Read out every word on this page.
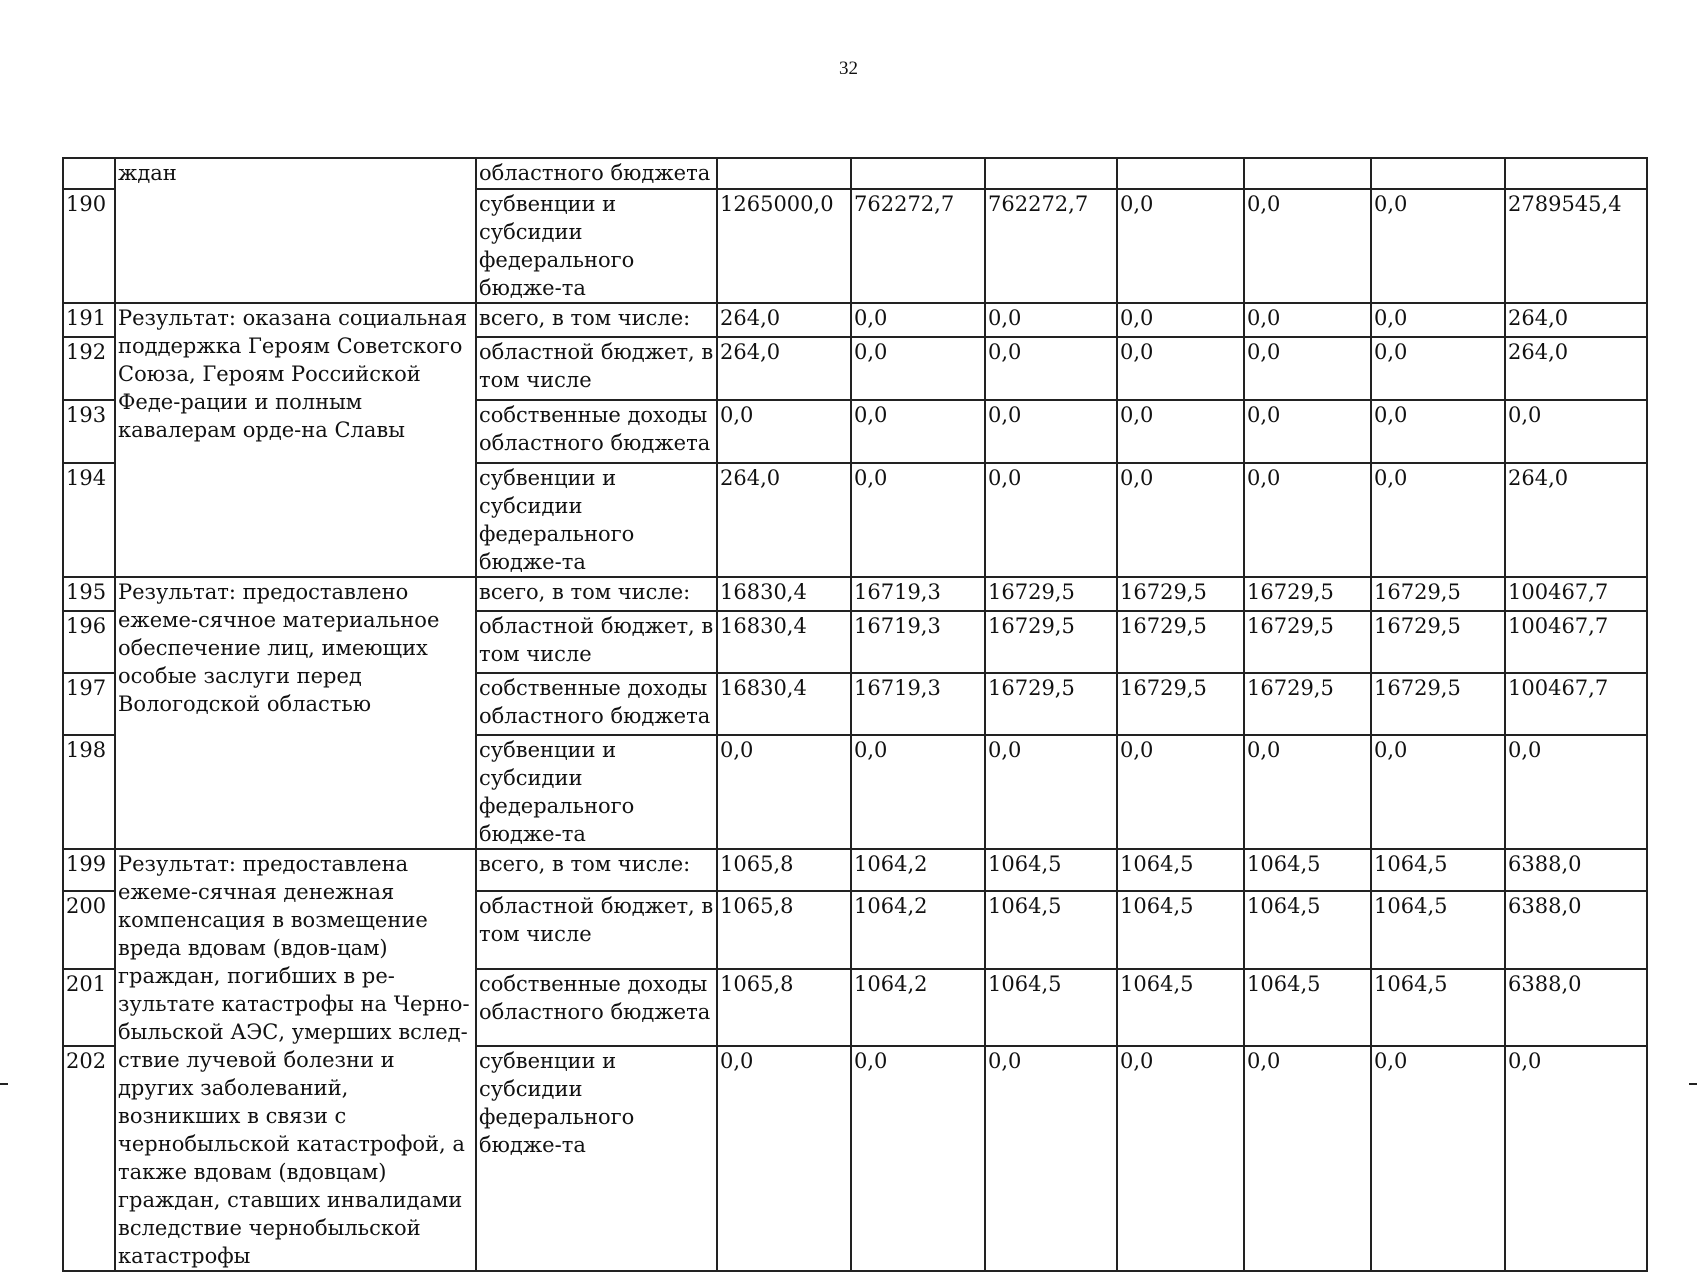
32
	ждан	областного бюджета							
190		субвенции и субсидии федерального бюдже-та	1265000,0	762272,7	762272,7	0,0	0,0	0,0	2789545,4
191	Результат: оказана социальная поддержка Героям Советского Союза, Героям Российской Феде-рации и полным кавалерам орде-на Славы	всего, в том числе:	264,0	0,0	0,0	0,0	0,0	0,0	264,0
192		областной бюджет, в том числе	264,0	0,0	0,0	0,0	0,0	0,0	264,0
193		собственные доходы областного бюджета	0,0	0,0	0,0	0,0	0,0	0,0	0,0
194		субвенции и субсидии федерального бюдже-та	264,0	0,0	0,0	0,0	0,0	0,0	264,0
195	Результат: предоставлено ежеме-сячное материальное обеспечение лиц, имеющих особые заслуги перед Вологодской областью	всего, в том числе:	16830,4	16719,3	16729,5	16729,5	16729,5	16729,5	100467,7
196		областной бюджет, в том числе	16830,4	16719,3	16729,5	16729,5	16729,5	16729,5	100467,7
197		собственные доходы областного бюджета	16830,4	16719,3	16729,5	16729,5	16729,5	16729,5	100467,7
198		субвенции и субсидии федерального бюдже-та	0,0	0,0	0,0	0,0	0,0	0,0	0,0
199	Результат: предоставлена ежеме-сячная денежная компенсация в возмещение вреда вдовам (вдов-цам) граждан, погибших в ре-зультате катастрофы на Черно-быльской АЭС, умерших вслед-ствие лучевой болезни и других заболеваний, возникших в связи с чернобыльской катастрофой, а также вдовам (вдовцам) граждан, ставших инвалидами вследствие чернобыльской катастрофы	всего, в том числе:	1065,8	1064,2	1064,5	1064,5	1064,5	1064,5	6388,0
200		областной бюджет, в том числе	1065,8	1064,2	1064,5	1064,5	1064,5	1064,5	6388,0
201		собственные доходы областного бюджета	1065,8	1064,2	1064,5	1064,5	1064,5	1064,5	6388,0
202		субвенции и субсидии федерального бюдже-та	0,0	0,0	0,0	0,0	0,0	0,0	0,0
